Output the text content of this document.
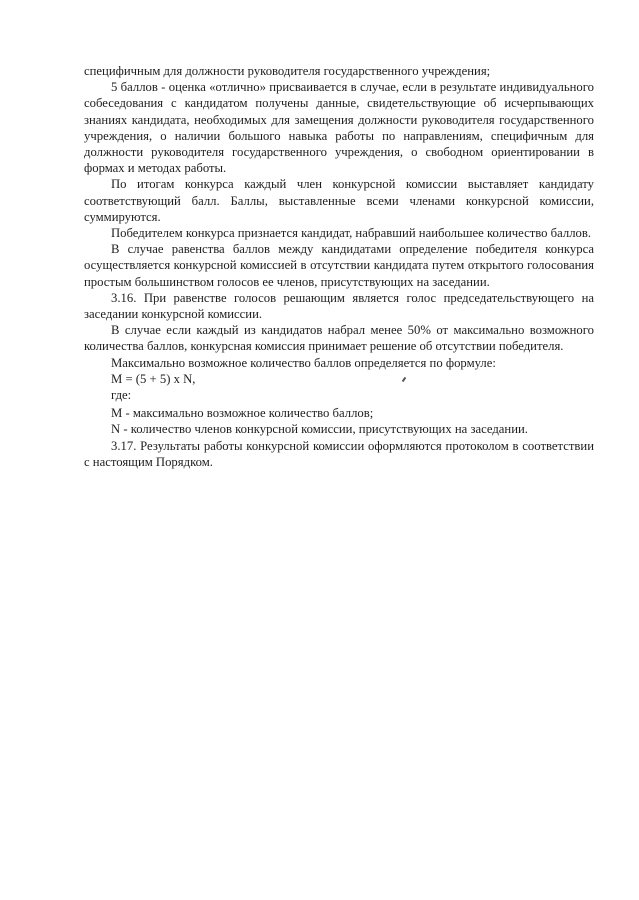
специфичным для должности руководителя государственного учреждения;

5 баллов - оценка «отлично» присваивается в случае, если в результате индивидуального собеседования с кандидатом получены данные, свидетельствующие об исчерпывающих знаниях кандидата, необходимых для замещения должности руководителя государственного учреждения, о наличии большого навыка работы по направлениям, специфичным для должности руководителя государственного учреждения, о свободном ориентировании в формах и методах работы.

По итогам конкурса каждый член конкурсной комиссии выставляет кандидату соответствующий балл. Баллы, выставленные всеми членами конкурсной комиссии, суммируются.

Победителем конкурса признается кандидат, набравший наибольшее количество баллов.

В случае равенства баллов между кандидатами определение победителя конкурса осуществляется конкурсной комиссией в отсутствии кандидата путем открытого голосования простым большинством голосов ее членов, присутствующих на заседании.

3.16. При равенстве голосов решающим является голос председательствующего на заседании конкурсной комиссии.

В случае если каждый из кандидатов набрал менее 50% от максимально возможного количества баллов, конкурсная комиссия принимает решение об отсутствии победителя.

Максимально возможное количество баллов определяется по формуле:

М = (5 + 5) x N,

где:

М - максимально возможное количество баллов;

N - количество членов конкурсной комиссии, присутствующих на заседании.

3.17. Результаты работы конкурсной комиссии оформляются протоколом в соответствии с настоящим Порядком.
